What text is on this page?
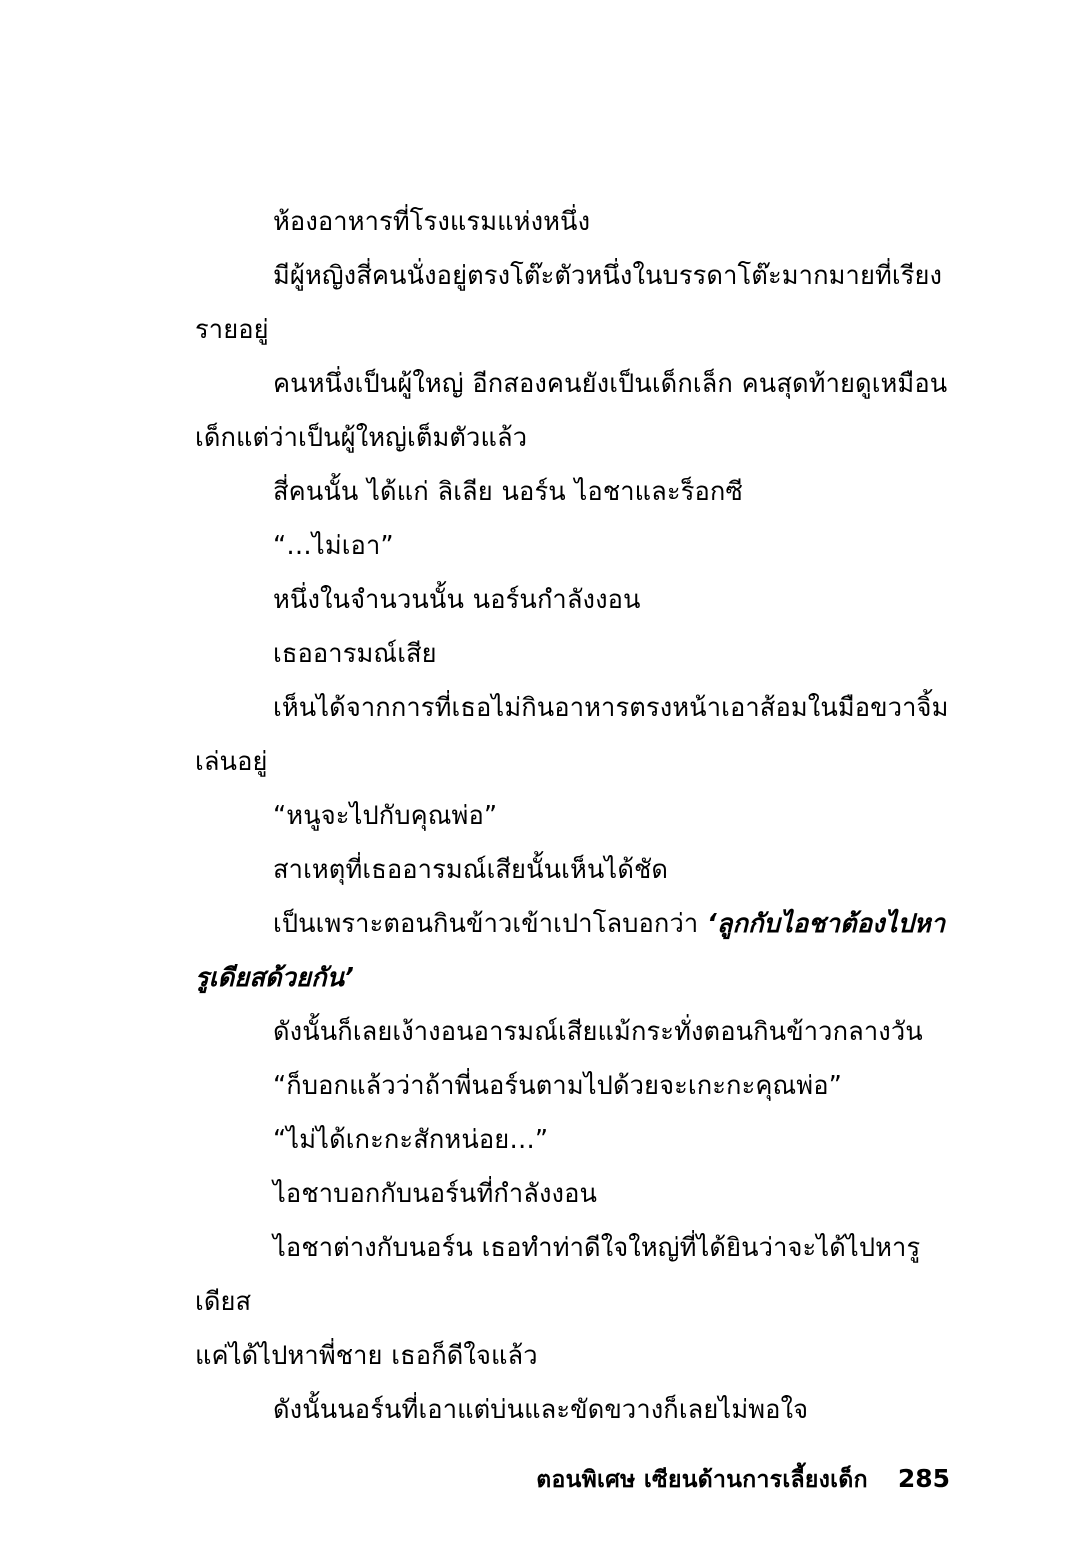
ห้องอาหารที่โรงแรมแห่งหนึ่ง

มีผู้หญิงสี่คนนั่งอยู่ตรงโต๊ะตัวหนึ่งในบรรดาโต๊ะมากมายที่เรียงรายอยู่

คนหนึ่งเป็นผู้ใหญ่ อีกสองคนยังเป็นเด็กเล็ก คนสุดท้ายดูเหมือนเด็กแต่ว่าเป็นผู้ใหญ่เต็มตัวแล้ว

สี่คนนั้น ได้แก่ ลิเลีย นอร์น ไอชาและร็อกซี

“…ไม่เอา”

หนึ่งในจำนวนนั้น นอร์นกำลังงอน

เธออารมณ์เสีย

เห็นได้จากการที่เธอไม่กินอาหารตรงหน้าเอาส้อมในมือขวาจิ้มเล่นอยู่

“หนูจะไปกับคุณพ่อ”

สาเหตุที่เธออารมณ์เสียนั้นเห็นได้ชัด

เป็นเพราะตอนกินข้าวเข้าเปาโลบอกว่า ‘ลูกกับไอชาต้องไปหารูเดียสด้วยกัน’

ดังนั้นก็เลยเง้างอนอารมณ์เสียแม้กระทั่งตอนกินข้าวกลางวัน

“ก็บอกแล้วว่าถ้าพี่นอร์นตามไปด้วยจะเกะกะคุณพ่อ”

“ไม่ได้เกะกะสักหน่อย…”

ไอชาบอกกับนอร์นที่กำลังงอน

ไอชาต่างกับนอร์น เธอทำท่าดีใจใหญ่ที่ได้ยินว่าจะได้ไปหารูเดียส

แค่ได้ไปหาพี่ชาย เธอก็ดีใจแล้ว

ดังนั้นนอร์นที่เอาแต่บ่นและขัดขวางก็เลยไม่พอใจ

ตอนพิเศษ เซียนด้านการเลี้ยงเด็ก 285
